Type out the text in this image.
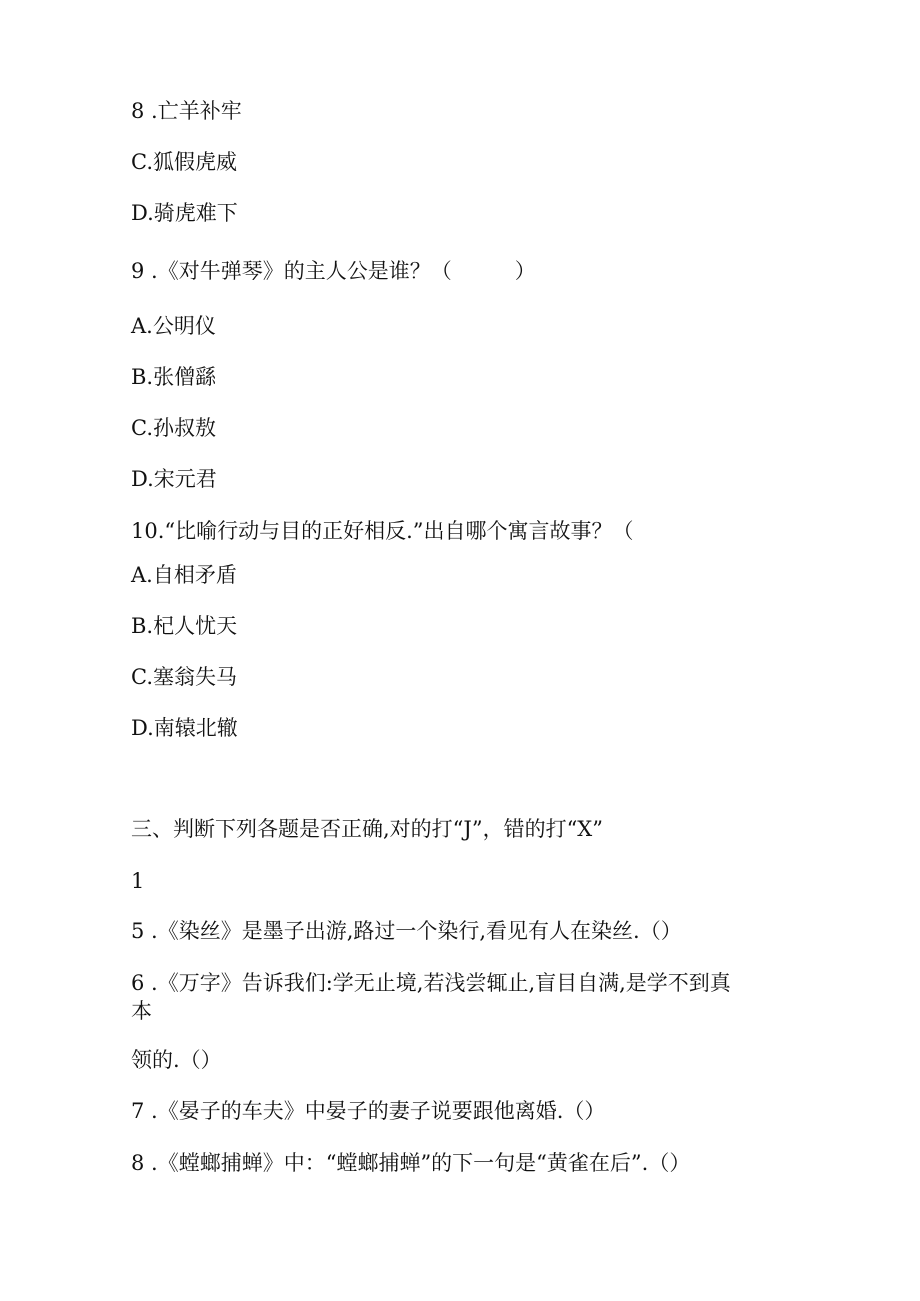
8 .亡羊补牢

C.狐假虎威

D.骑虎难下

9 .《对牛弹琴》的主人公是谁？（　　　）

A.公明仪

B.张僧繇

C.孙叔敖

D.宋元君

10.“比喻行动与目的正好相反.”出自哪个寓言故事？（

A.自相矛盾

B.杞人忧天

C.塞翁失马

D.南辕北辙

三、判断下列各题是否正确,对的打“J”，错的打“X”

1

5 .《染丝》是墨子出游,路过一个染行,看见有人在染丝.（）

6 .《万字》告诉我们:学无止境,若浅尝辄止,盲目自满,是学不到真

本

领的.（）

7 .《晏子的车夫》中晏子的妻子说要跟他离婚.（）

8 .《螳螂捕蝉》中：“螳螂捕蝉”的下一句是“黄雀在后”.（）
